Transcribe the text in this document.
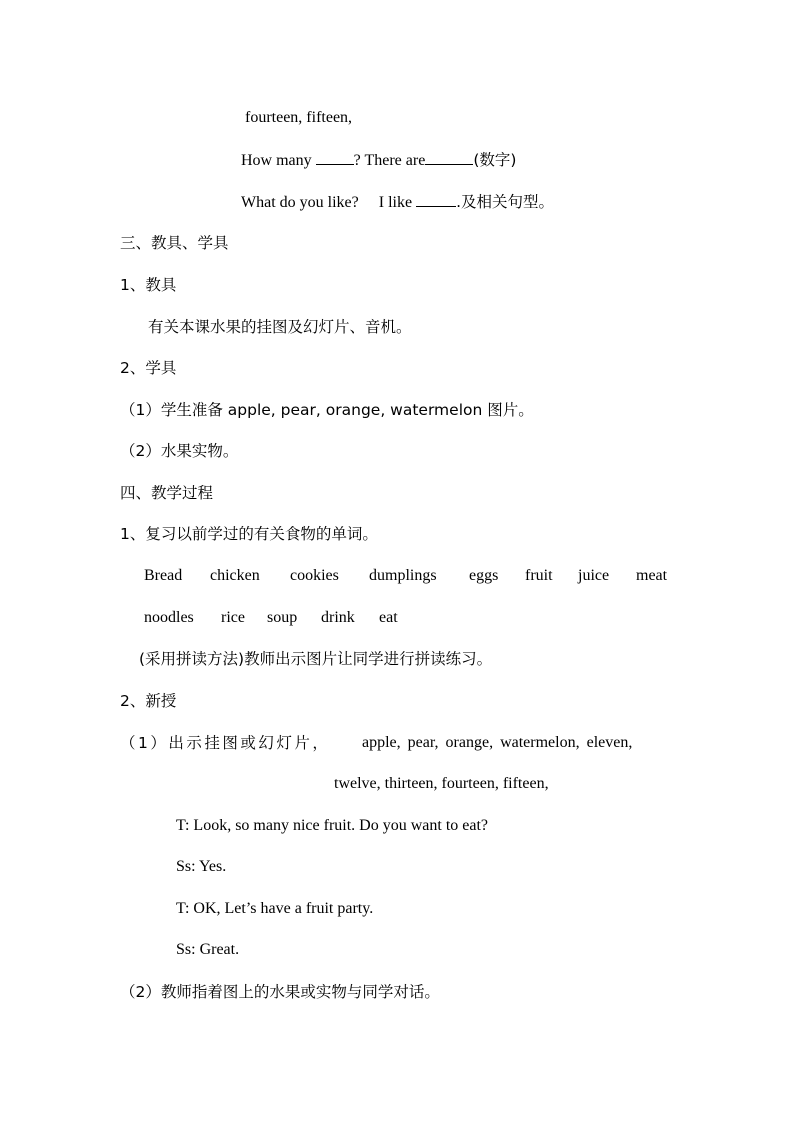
fourteen, fifteen,
How many ? There are	(数字)
What do you like?     I like	.及相关句型。
三、教具、学具
1、教具
有关本课水果的挂图及幻灯片、音机。
2、学具
（1）学生准备 apple, pear, orange, watermelon 图片。
（2）水果实物。
四、教学过程
1、复习以前学过的有关食物的单词。
Bread chicken cookies dumplings eggs fruit juice meat
noodles rice soup drink eat
(采用拼读方法)教师出示图片让同学进行拼读练习。
2、新授
（1）出示挂图或幻灯片， apple, pear, orange, watermelon, eleven,
twelve, thirteen, fourteen, fifteen,
T: Look, so many nice fruit. Do you want to eat?
Ss: Yes.
T: OK, Let’s have a fruit party.
Ss: Great.
（2）教师指着图上的水果或实物与同学对话。
